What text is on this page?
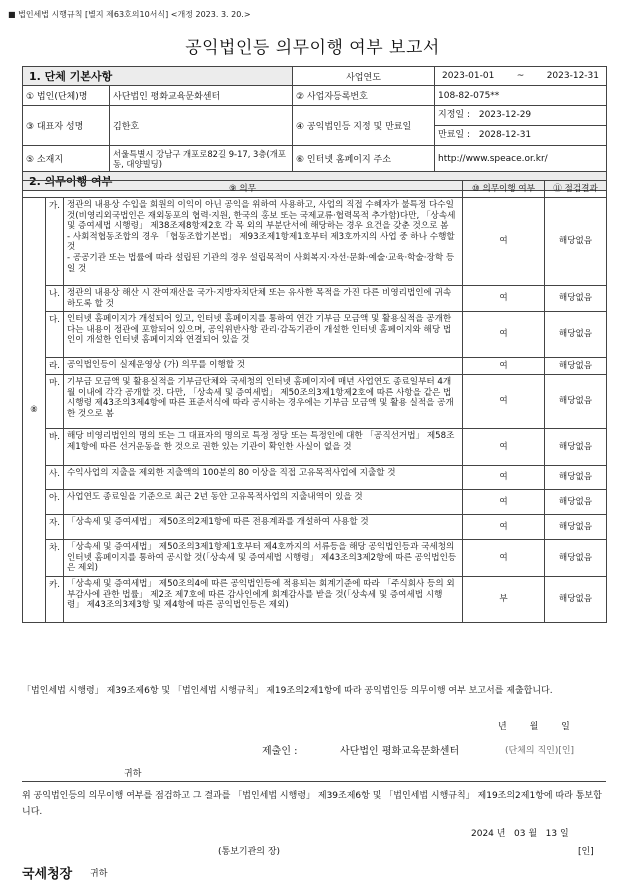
■ 법인세법 시행규칙 [별지 제63호의10서식] <개정 2023. 3. 20.>
공익법인등 의무이행 여부 보고서
1. 단체 기본사항		사업연도	2023-01-01 ~ 2023-12-31

① 법인(단체)명	사단법인 평화교육문화센터	② 사업자등록번호	108-82-075**
③ 대표자 성명	김한호	④ 공익법인등 지정 및 만료일	지정일 : 2023-12-29
만료일 : 2028-12-31

⑤ 소재지	서울특별시 강남구 개포로82길 9-17, 3층(개포동, 대양빌딩)	⑥ 인터넷 홈페이지 주소	http://www.speace.or.kr/
2. 의무이행 여부			
⑨ 의무			⑩ 의무이행 여부	⑪ 점검결과
⑧	가.	정관의 내용상 수입을 회원의 이익이 아닌 공익을 위하여 사용하고, 사업의 직접 수혜자가 불특정 다수일 것(비영리외국법인은 재외동포의 협력·지원, 한국의 홍보 또는 국제교류·협력목적 추가함)다만, 「상속세 및 증여세법 시행령」 제38조제8항제2호 각 목 외의 부분단서에 해당하는 경우 요건을 갖춘 것으로 봄
- 사회적협동조합의 경우 「협동조합기본법」 제93조제1항제1호부터 제3호까지의 사업 중 하나 수행할 것
- 공공기관 또는 법률에 따라 설립된 기관의 경우 설립목적이 사회복지·자선·문화·예술·교육·학술·장학 등일 것	여	해당없음
	나.	정관의 내용상 해산 시 잔여재산을 국가·지방자치단체 또는 유사한 목적을 가진 다른 비영리법인에 귀속하도록 할 것	여	해당없음
	다.	인터넷 홈페이지가 개설되어 있고, 인터넷 홈페이지를 통하여 연간 기부금 모금액 및 활용실적을 공개한다는 내용이 정관에 포함되어 있으며, 공익위반사항 관리·감독기관이 개설한 인터넷 홈페이지와 해당 법인이 개설한 인터넷 홈페이지와 연결되어 있을 것	여	해당없음
	라.	공익법인등이 실제운영상 (가) 의무를 이행할 것	여	해당없음
	마.	기부금 모금액 및 활용실적을 기부금단체와 국세청의 인터넷 홈페이지에 매년 사업연도 종료일부터 4개월 이내에 각각 공개할 것. 다만, 「상속세 및 증여세법」 제50조의3제1항제2호에 따른 사항을 같은 법 시행령 제43조의3제4항에 따른 표준서식에 따라 공시하는 경우에는 기부금 모금액 및 활용 실적을 공개한 것으로 봄	여	해당없음
	바.	해당 비영리법인의 명의 또는 그 대표자의 명의로 특정 정당 또는 특정인에 대한 「공직선거법」 제58조제1항에 따른 선거운동을 한 것으로 권한 있는 기관이 확인한 사실이 없을 것	여	해당없음
	사.	수익사업의 지출을 제외한 지출액의 100분의 80 이상을 직접 고유목적사업에 지출할 것	여	해당없음
	아.	사업연도 종료일을 기준으로 최근 2년 동안 고유목적사업의 지출내역이 있을 것	여	해당없음
	자.	「상속세 및 증여세법」 제50조의2제1항에 따른 전용계좌를 개설하여 사용할 것	여	해당없음
	차.	「상속세 및 증여세법」 제50조의3제1항제1호부터 제4호까지의 서류등을 해당 공익법인등과 국세청의 인터넷 홈페이지를 통하여 공시할 것(「상속세 및 증여세법 시행령」 제43조의3제2항에 따른 공익법인등은 제외)	여	해당없음
	카.	「상속세 및 증여세법」 제50조의4에 따른 공익법인등에 적용되는 회계기준에 따라 「주식회사 등의 외부감사에 관한 법률」 제2조 제7호에 따른 감사인에게 회계감사를 받을 것(「상속세 및 증여세법 시행령」 제43조의3제3항 및 제4항에 따른 공익법인등은 제외)	부	해당없음
「법인세법 시행령」 제39조제6항 및 「법인세법 시행규칙」 제19조의2제1항에 따라 공익법인등 의무이행 여부 보고서를 제출합니다.
년        월        일
제출인 :	사단법인 평화교육문화센터	(단체의 직인)[인]
귀하
위 공익법인등의 의무이행 여부를 점검하고 그 결과를 「법인세법 시행령」 제39조제6항 및 「법인세법 시행규칙」 제19조의2제1항에 따라 통보합니다.
2024 년   03 월   13 일
(통보기관의 장)	[인]
국세청장 귀하
